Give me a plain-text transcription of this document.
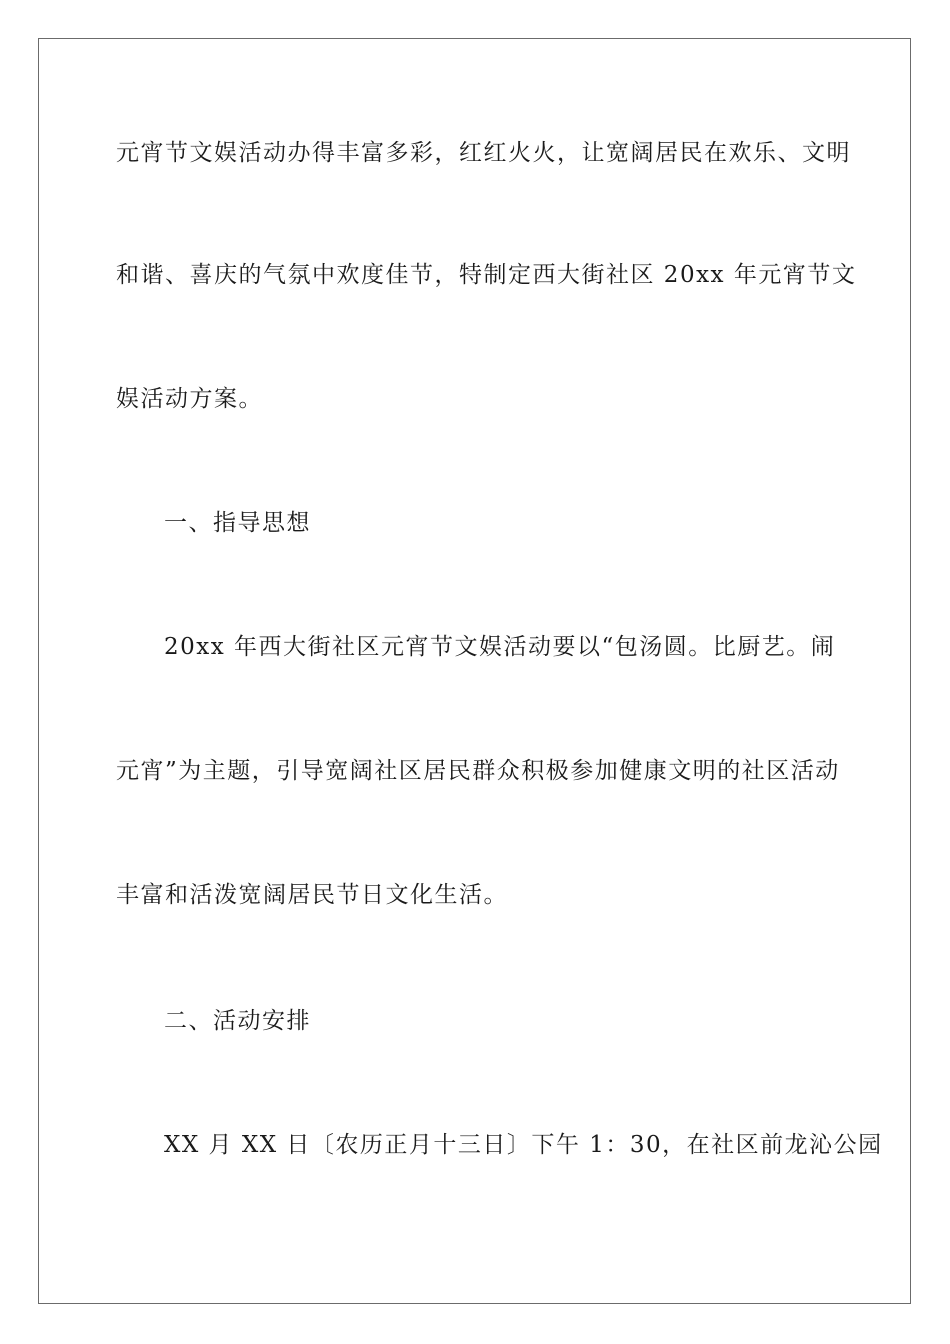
元宵节文娱活动办得丰富多彩，红红火火，让宽阔居民在欢乐、文明
和谐、喜庆的气氛中欢度佳节，特制定西大街社区 20xx 年元宵节文
娱活动方案。
一、指导思想
20xx 年西大街社区元宵节文娱活动要以“包汤圆。比厨艺。闹
元宵”为主题，引导宽阔社区居民群众积极参加健康文明的社区活动
丰富和活泼宽阔居民节日文化生活。
二、活动安排
XX 月 XX 日〔农历正月十三日〕下午 1：30，在社区前龙沁公园
